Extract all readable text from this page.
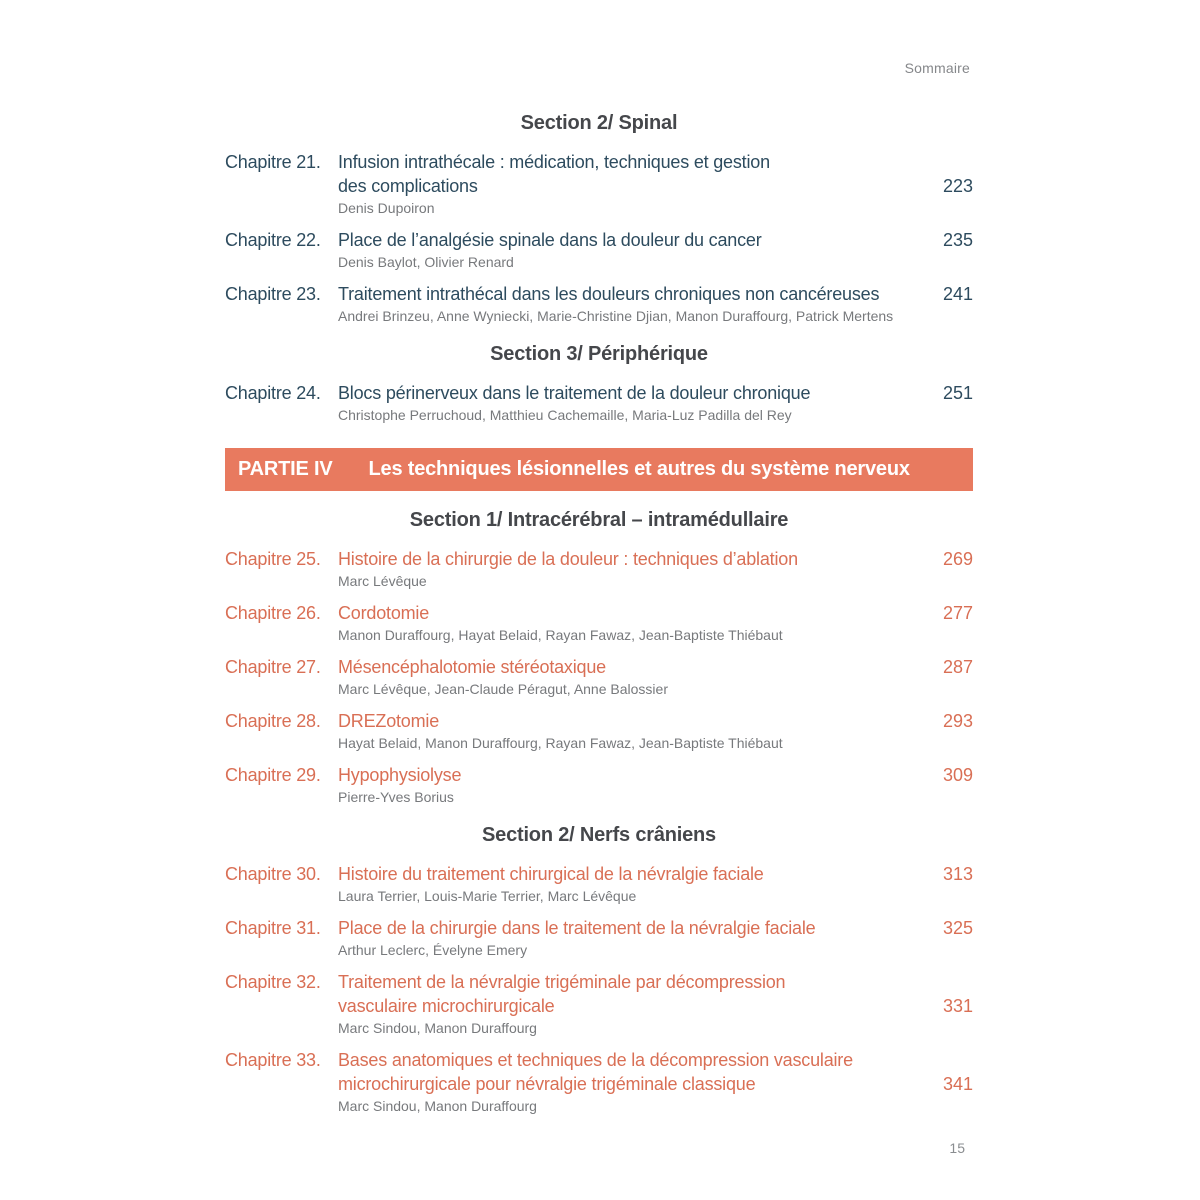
Sommaire
Section 2/ Spinal
Chapitre 21. Infusion intrathécale : médication, techniques et gestion
des complications	223
Denis Dupoiron
Chapitre 22. Place de l’analgésie spinale dans la douleur du cancer	235
Denis Baylot, Olivier Renard
Chapitre 23. Traitement intrathécal dans les douleurs chroniques non cancéreuses	241
Andrei Brinzeu, Anne Wyniecki, Marie-Christine Djian, Manon Duraffourg, Patrick Mertens
Section 3/ Périphérique
Chapitre 24. Blocs périnerveux dans le traitement de la douleur chronique	251
Christophe Perruchoud, Matthieu Cachemaille, Maria-Luz Padilla del Rey
PARTIE IV Les techniques lésionnelles et autres du système nerveux
Section 1/ Intracérébral – intramédullaire
Chapitre 25. Histoire de la chirurgie de la douleur : techniques d’ablation	269
Marc Lévêque
Chapitre 26. Cordotomie	277
Manon Duraffourg, Hayat Belaid, Rayan Fawaz, Jean-Baptiste Thiébaut
Chapitre 27. Mésencéphalotomie stéréotaxique	287
Marc Lévêque, Jean-Claude Péragut, Anne Balossier
Chapitre 28. DREZotomie	293
Hayat Belaid, Manon Duraffourg, Rayan Fawaz, Jean-Baptiste Thiébaut
Chapitre 29. Hypophysiolyse	309
Pierre-Yves Borius
Section 2/ Nerfs crâniens
Chapitre 30. Histoire du traitement chirurgical de la névralgie faciale	313
Laura Terrier, Louis-Marie Terrier, Marc Lévêque
Chapitre 31. Place de la chirurgie dans le traitement de la névralgie faciale	325
Arthur Leclerc, Évelyne Emery
Chapitre 32. Traitement de la névralgie trigéminale par décompression
vasculaire microchirurgicale	331
Marc Sindou, Manon Duraffourg
Chapitre 33. Bases anatomiques et techniques de la décompression vasculaire
microchirurgicale pour névralgie trigéminale classique	341
Marc Sindou, Manon Duraffourg
15
